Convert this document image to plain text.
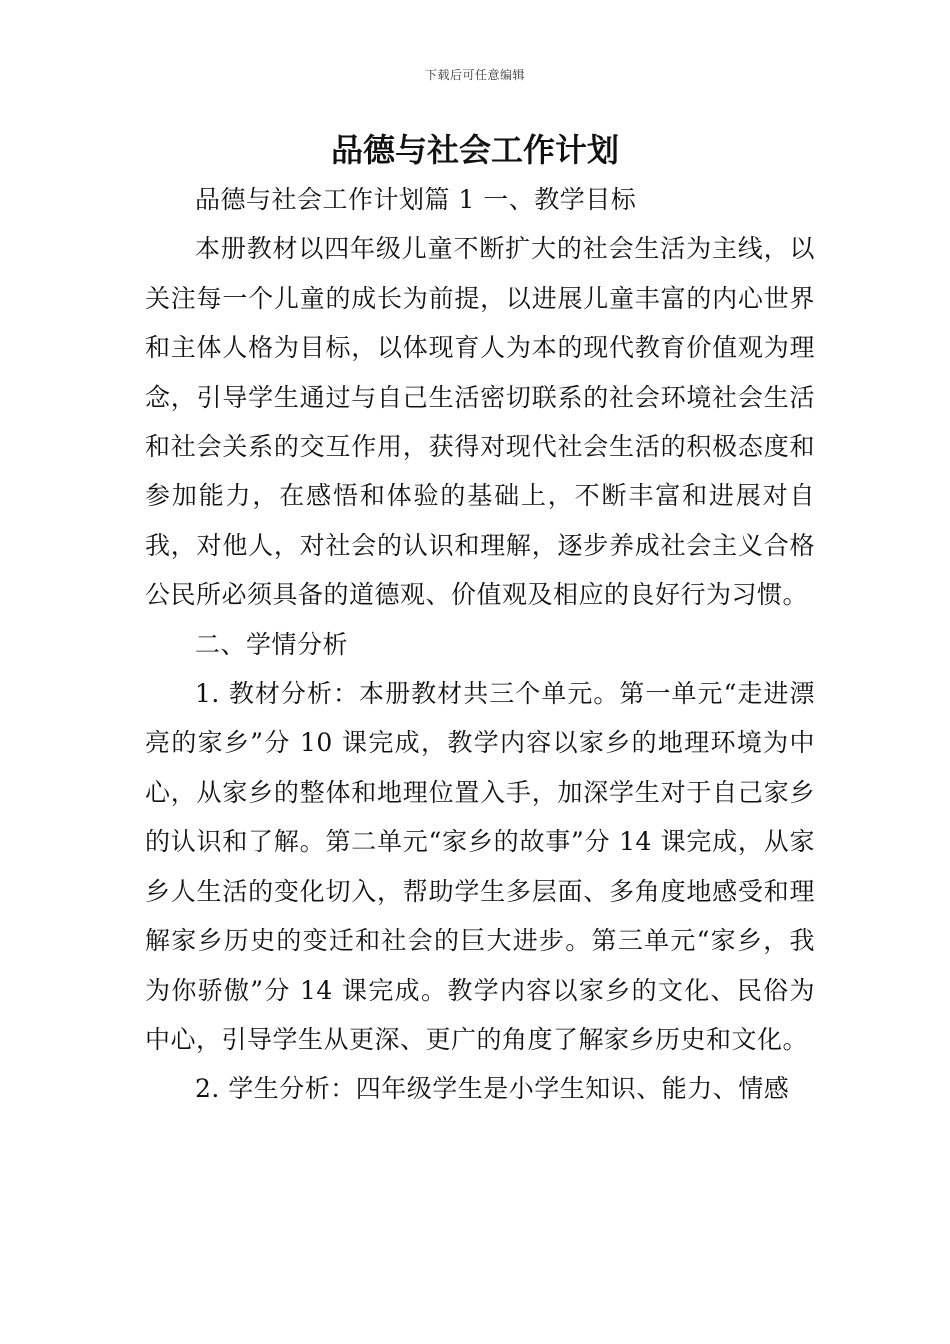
下载后可任意编辑
品德与社会工作计划

品德与社会工作计划篇 1 一、教学目标

本册教材以四年级儿童不断扩大的社会生活为主线，以关注每一个儿童的成长为前提，以进展儿童丰富的内心世界和主体人格为目标，以体现育人为本的现代教育价值观为理念，引导学生通过与自己生活密切联系的社会环境社会生活和社会关系的交互作用，获得对现代社会生活的积极态度和参加能力，在感悟和体验的基础上，不断丰富和进展对自我，对他人，对社会的认识和理解，逐步养成社会主义合格公民所必须具备的道德观、价值观及相应的良好行为习惯。

二、学情分析

1. 教材分析：本册教材共三个单元。第一单元“走进漂亮的家乡”分 10 课完成，教学内容以家乡的地理环境为中心，从家乡的整体和地理位置入手，加深学生对于自己家乡的认识和了解。第二单元“家乡的故事”分 14 课完成，从家乡人生活的变化切入，帮助学生多层面、多角度地感受和理解家乡历史的变迁和社会的巨大进步。第三单元“家乡，我为你骄傲”分 14 课完成。教学内容以家乡的文化、民俗为中心，引导学生从更深、更广的角度了解家乡历史和文化。

2. 学生分析：四年级学生是小学生知识、能力、情感
